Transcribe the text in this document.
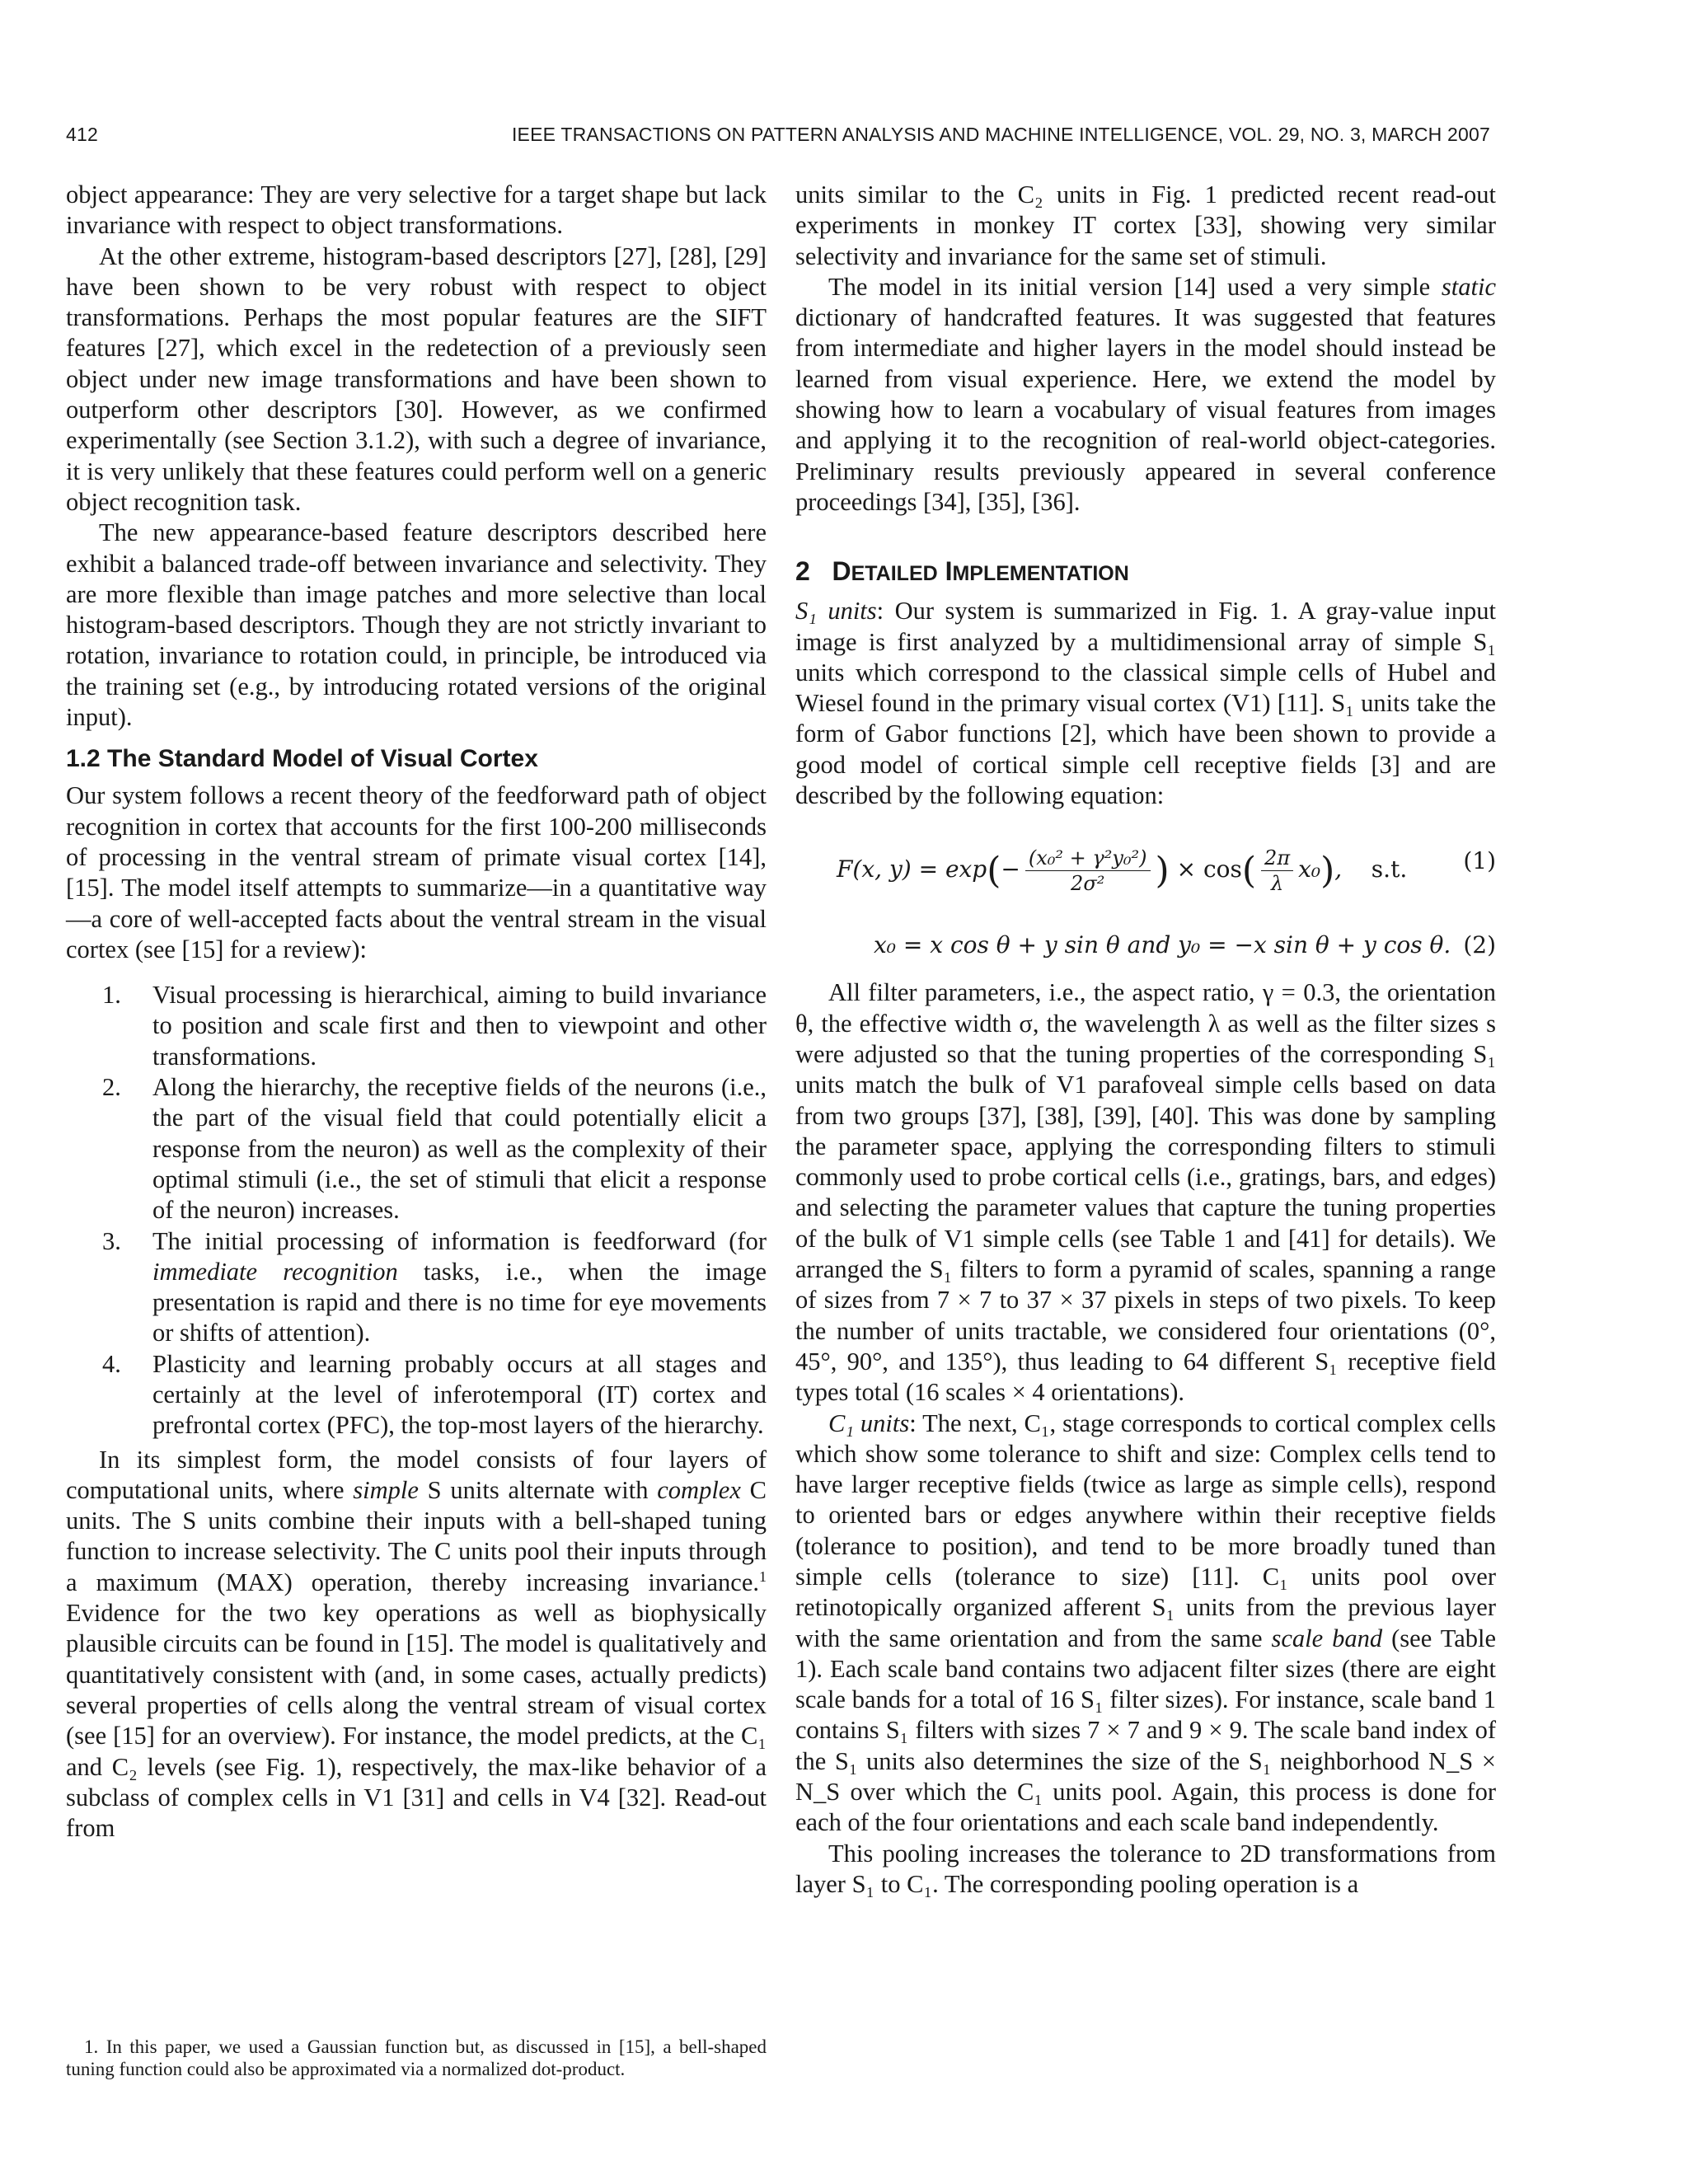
412	IEEE TRANSACTIONS ON PATTERN ANALYSIS AND MACHINE INTELLIGENCE, VOL. 29, NO. 3, MARCH 2007

object appearance: They are very selective for a target shape but lack invariance with respect to object transformations.

At the other extreme, histogram-based descriptors [27], [28], [29] have been shown to be very robust with respect to object transformations. Perhaps the most popular features are the SIFT features [27], which excel in the redetection of a previously seen object under new image transformations and have been shown to outperform other descriptors [30]. However, as we confirmed experimentally (see Section 3.1.2), with such a degree of invariance, it is very unlikely that these features could perform well on a generic object recognition task.

The new appearance-based feature descriptors described here exhibit a balanced trade-off between invariance and selectivity. They are more flexible than image patches and more selective than local histogram-based descriptors. Though they are not strictly invariant to rotation, invariance to rotation could, in principle, be introduced via the training set (e.g., by introducing rotated versions of the original input).

1.2 The Standard Model of Visual Cortex

Our system follows a recent theory of the feedforward path of object recognition in cortex that accounts for the first 100-200 milliseconds of processing in the ventral stream of primate visual cortex [14], [15]. The model itself attempts to summarize—in a quantitative way—a core of well-accepted facts about the ventral stream in the visual cortex (see [15] for a review):

1. Visual processing is hierarchical, aiming to build invariance to position and scale first and then to viewpoint and other transformations.
2. Along the hierarchy, the receptive fields of the neurons (i.e., the part of the visual field that could potentially elicit a response from the neuron) as well as the complexity of their optimal stimuli (i.e., the set of stimuli that elicit a response of the neuron) increases.
3. The initial processing of information is feedforward (for immediate recognition tasks, i.e., when the image presentation is rapid and there is no time for eye movements or shifts of attention).
4. Plasticity and learning probably occurs at all stages and certainly at the level of inferotemporal (IT) cortex and prefrontal cortex (PFC), the top-most layers of the hierarchy.

In its simplest form, the model consists of four layers of computational units, where simple S units alternate with complex C units. The S units combine their inputs with a bell-shaped tuning function to increase selectivity. The C units pool their inputs through a maximum (MAX) operation, thereby increasing invariance.$^1$ Evidence for the two key operations as well as biophysically plausible circuits can be found in [15]. The model is qualitatively and quantitatively consistent with (and, in some cases, actually predicts) several properties of cells along the ventral stream of visual cortex (see [15] for an overview). For instance, the model predicts, at the C₁ and C₂ levels (see Fig. 1), respectively, the max-like behavior of a subclass of complex cells in V1 [31] and cells in V4 [32]. Read-out from

1. In this paper, we used a Gaussian function but, as discussed in [15], a bell-shaped tuning function could also be approximated via a normalized dot-product.

units similar to the C₂ units in Fig. 1 predicted recent read-out experiments in monkey IT cortex [33], showing very similar selectivity and invariance for the same set of stimuli.

The model in its initial version [14] used a very simple static dictionary of handcrafted features. It was suggested that features from intermediate and higher layers in the model should instead be learned from visual experience. Here, we extend the model by showing how to learn a vocabulary of visual features from images and applying it to the recognition of real-world object-categories. Preliminary results previously appeared in several conference proceedings [34], [35], [36].

2 DETAILED IMPLEMENTATION

S₁ units: Our system is summarized in Fig. 1. A gray-value input image is first analyzed by a multidimensional array of simple S₁ units which correspond to the classical simple cells of Hubel and Wiesel found in the primary visual cortex (V1) [11]. S₁ units take the form of Gabor functions [2], which have been shown to provide a good model of cortical simple cell receptive fields [3] and are described by the following equation:

F(x, $y) = \exp(- \frac{\text{(x₀² + γ²y₀²)}}{\text{2σ²}}$ ) × $\cos( \frac{2\pi}{\lambda} x_0)$,    s.t. (1)
x₀ = x cos θ + y sin θ and y₀ = −x sin θ + y cos θ. (2)

All filter parameters, i.e., the aspect ratio, γ = 0.3, the orientation θ, the effective width σ, the wavelength λ as well as the filter sizes s were adjusted so that the tuning properties of the corresponding S₁ units match the bulk of V1 parafoveal simple cells based on data from two groups [37], [38], [39], [40]. This was done by sampling the parameter space, applying the corresponding filters to stimuli commonly used to probe cortical cells (i.e., gratings, bars, and edges) and selecting the parameter values that capture the tuning properties of the bulk of V1 simple cells (see Table 1 and [41] for details). We arranged the S₁ filters to form a pyramid of scales, spanning a range of sizes from 7 × 7 to 37 × 37 pixels in steps of two pixels. To keep the number of units tractable, we considered four orientations (0°, 45°, 90°, and 135°), thus leading to 64 different S₁ receptive field types total (16 scales × 4 orientations).

C₁ units: The next, C₁, stage corresponds to cortical complex cells which show some tolerance to shift and size: Complex cells tend to have larger receptive fields (twice as large as simple cells), respond to oriented bars or edges anywhere within their receptive fields (tolerance to position), and tend to be more broadly tuned than simple cells (tolerance to size) [11]. C₁ units pool over retinotopically organized afferent S₁ units from the previous layer with the same orientation and from the same scale band (see Table 1). Each scale band contains two adjacent filter sizes (there are eight scale bands for a total of 16 S₁ filter sizes). For instance, scale band 1 contains S₁ filters with sizes 7 × 7 and 9 × 9. The scale band index of the S₁ units also determines the size of the S₁ neighborhood N_S × N_S over which the C₁ units pool. Again, this process is done for each of the four orientations and each scale band independently.

This pooling increases the tolerance to 2D transformations from layer S₁ to C₁. The corresponding pooling operation is a
